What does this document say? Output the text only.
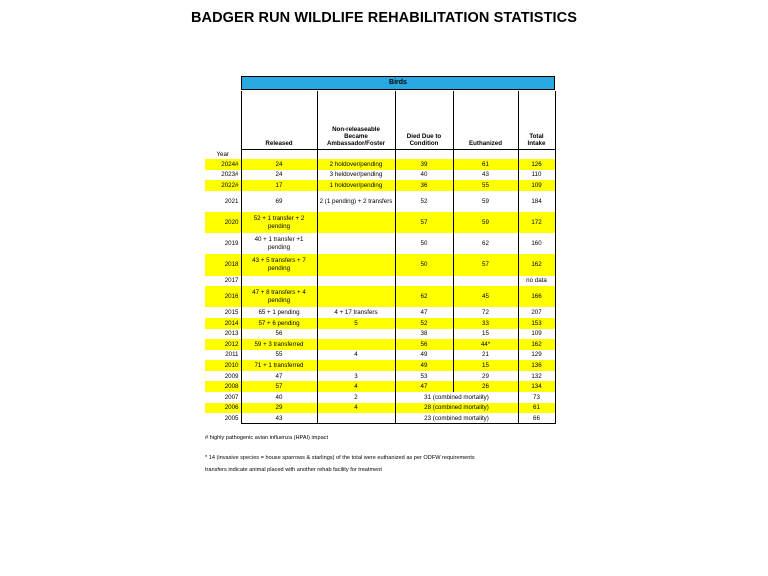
BADGER RUN WILDLIFE REHABILITATION STATISTICS
Birds
	Released	Non-releaseable Became Ambassador/Foster	Died Due to Condition	Euthanized	Total Intake
Year					
2024#	24	2 holdover/pending	39	61	126
2023#	24	3 heldover/pending	40	43	110
2022#	17	1 holdover/pending	36	55	109
2021	69	2 (1 pending) + 2 transfers	52	59	184
2020	52 + 1 transfer + 2 pending		57	59	172
2019	40 + 1 transfer +1 pending		50	62	160
2018	43 + 5 transfers + 7 pending		50	57	162
2017					no data
2016	47 + 8 transfers + 4 pending		62	45	166
2015	65 + 1 pending	4 + 17 transfers	47	72	207
2014	57 + 6 pending	5	52	33	153
2013	56		38	15	109
2012	59 + 3 transferred		56	44*	162
2011	55	4	49	21	129
2010	71 + 1 transferred		49	15	136
2009	47	3	53	29	132
2008	57	4	47	26	134
2007	40	2	31 (combined mortality)		73
2006	29	4	28 (combined mortality)		61
2005	43		23 (combined mortality)		66
# highly pathogenic avian influenza (HPAI) impact
* 14 (invasive species = house sparrows & starlings) of the total were euthanized as per ODFW requirements
transfers indicate animal placed with another rehab facility for treatment
